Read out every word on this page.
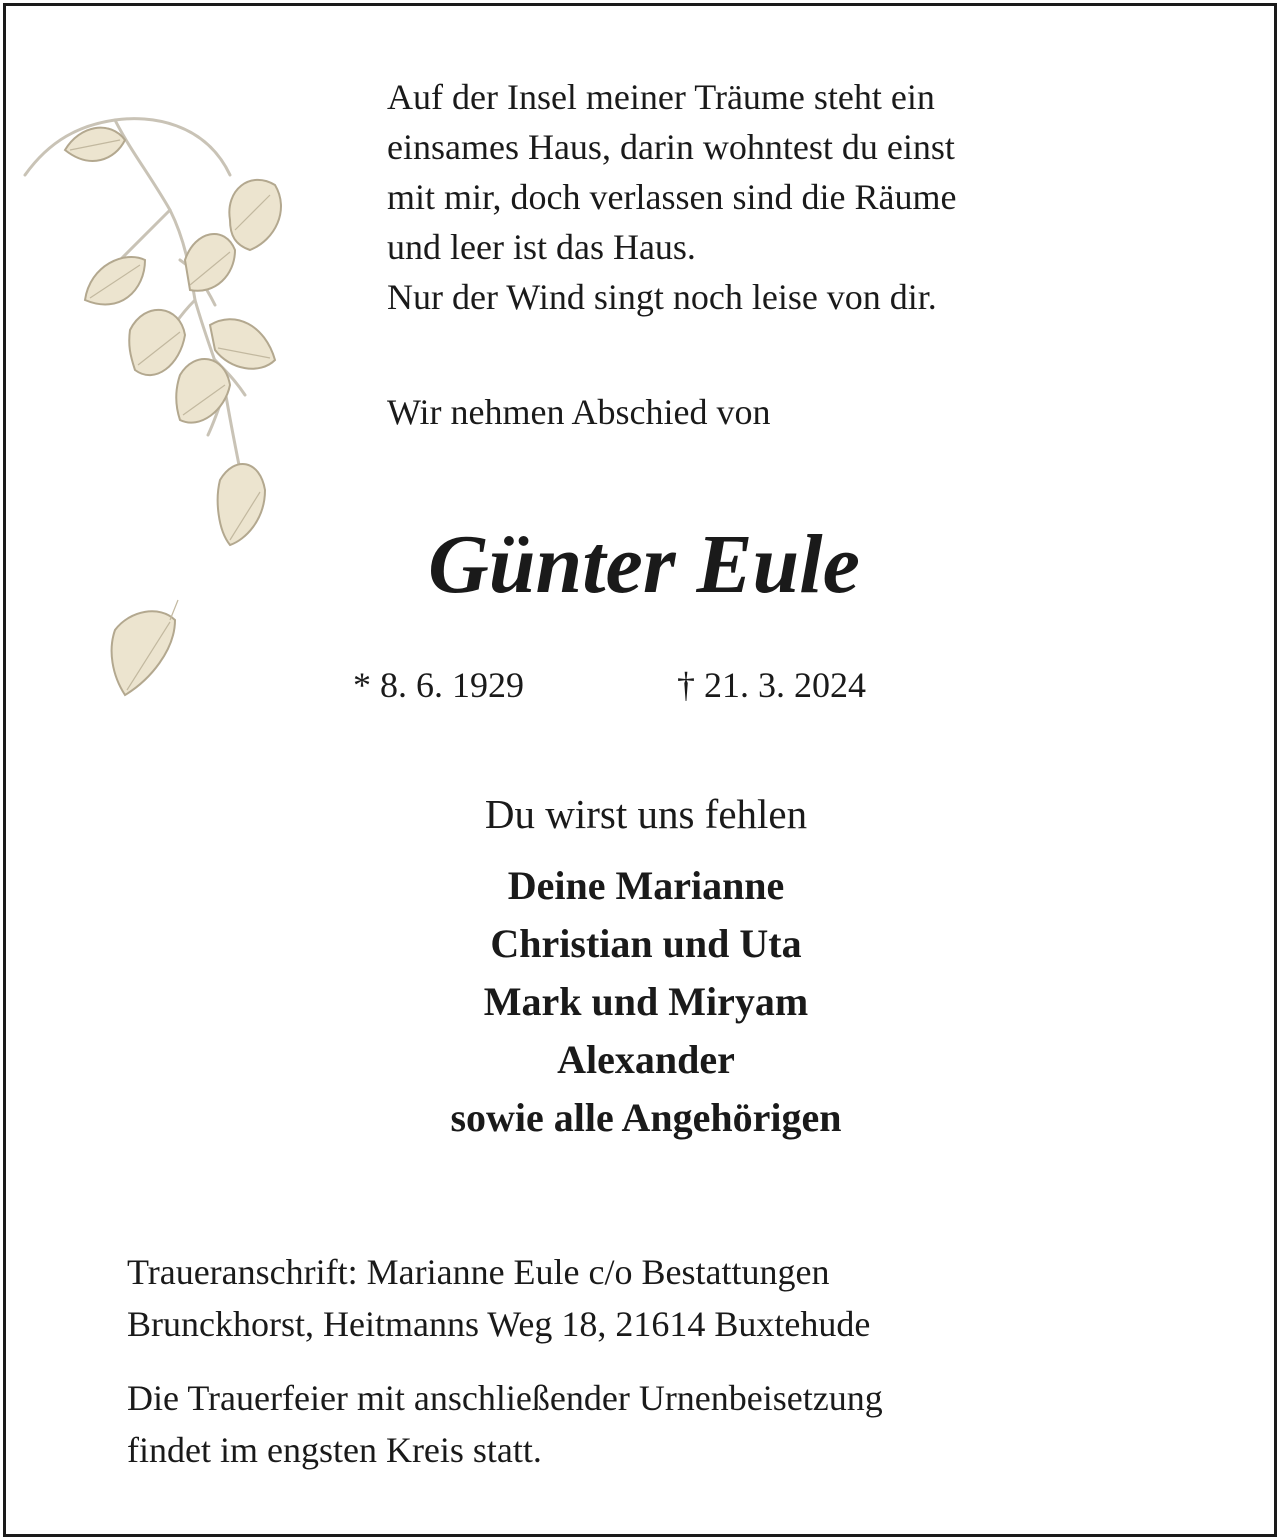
Auf der Insel meiner Träume steht ein
einsames Haus, darin wohntest du einst
mit mir, doch verlassen sind die Räume
und leer ist das Haus.
Nur der Wind singt noch leise von dir.
Wir nehmen Abschied von
Günter Eule
* 8. 6. 1929	† 21. 3. 2024
Du wirst uns fehlen
Deine Marianne
Christian und Uta
Mark und Miryam
Alexander
sowie alle Angehörigen
Traueranschrift: Marianne Eule c/o Bestattungen
Brunckhorst, Heitmanns Weg 18, 21614 Buxtehude
Die Trauerfeier mit anschließender Urnenbeisetzung
findet im engsten Kreis statt.
